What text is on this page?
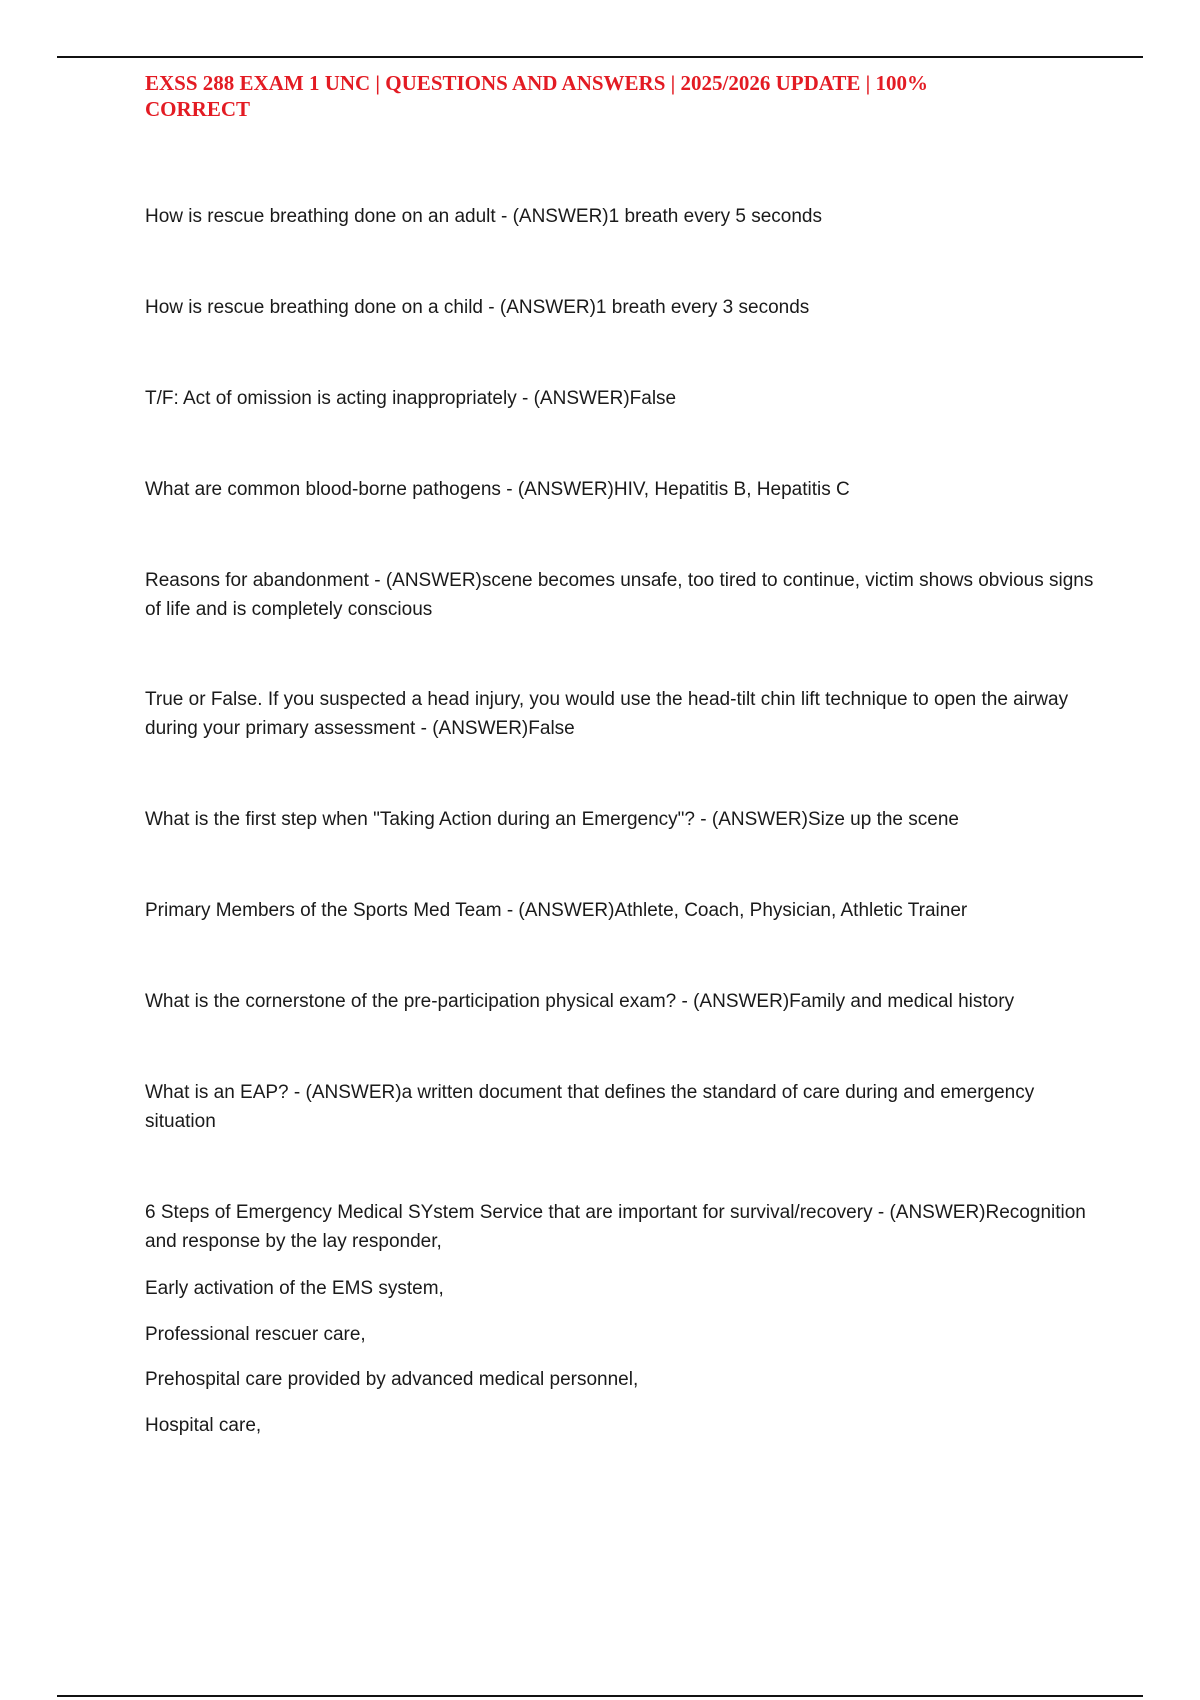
EXSS 288 EXAM 1 UNC | QUESTIONS AND ANSWERS | 2025/2026 UPDATE | 100% CORRECT

How is rescue breathing done on an adult - (ANSWER)1 breath every 5 seconds

How is rescue breathing done on a child - (ANSWER)1 breath every 3 seconds

T/F: Act of omission is acting inappropriately - (ANSWER)False

What are common blood-borne pathogens - (ANSWER)HIV, Hepatitis B, Hepatitis C

Reasons for abandonment - (ANSWER)scene becomes unsafe, too tired to continue, victim shows obvious signs of life and is completely conscious

True or False. If you suspected a head injury, you would use the head-tilt chin lift technique to open the airway during your primary assessment - (ANSWER)False

What is the first step when "Taking Action during an Emergency"? - (ANSWER)Size up the scene

Primary Members of the Sports Med Team - (ANSWER)Athlete, Coach, Physician, Athletic Trainer

What is the cornerstone of the pre-participation physical exam? - (ANSWER)Family and medical history

What is an EAP? - (ANSWER)a written document that defines the standard of care during and emergency situation

6 Steps of Emergency Medical SYstem Service that are important for survival/recovery - (ANSWER)Recognition and response by the lay responder,

Early activation of the EMS system,

Professional rescuer care,

Prehospital care provided by advanced medical personnel,

Hospital care,
